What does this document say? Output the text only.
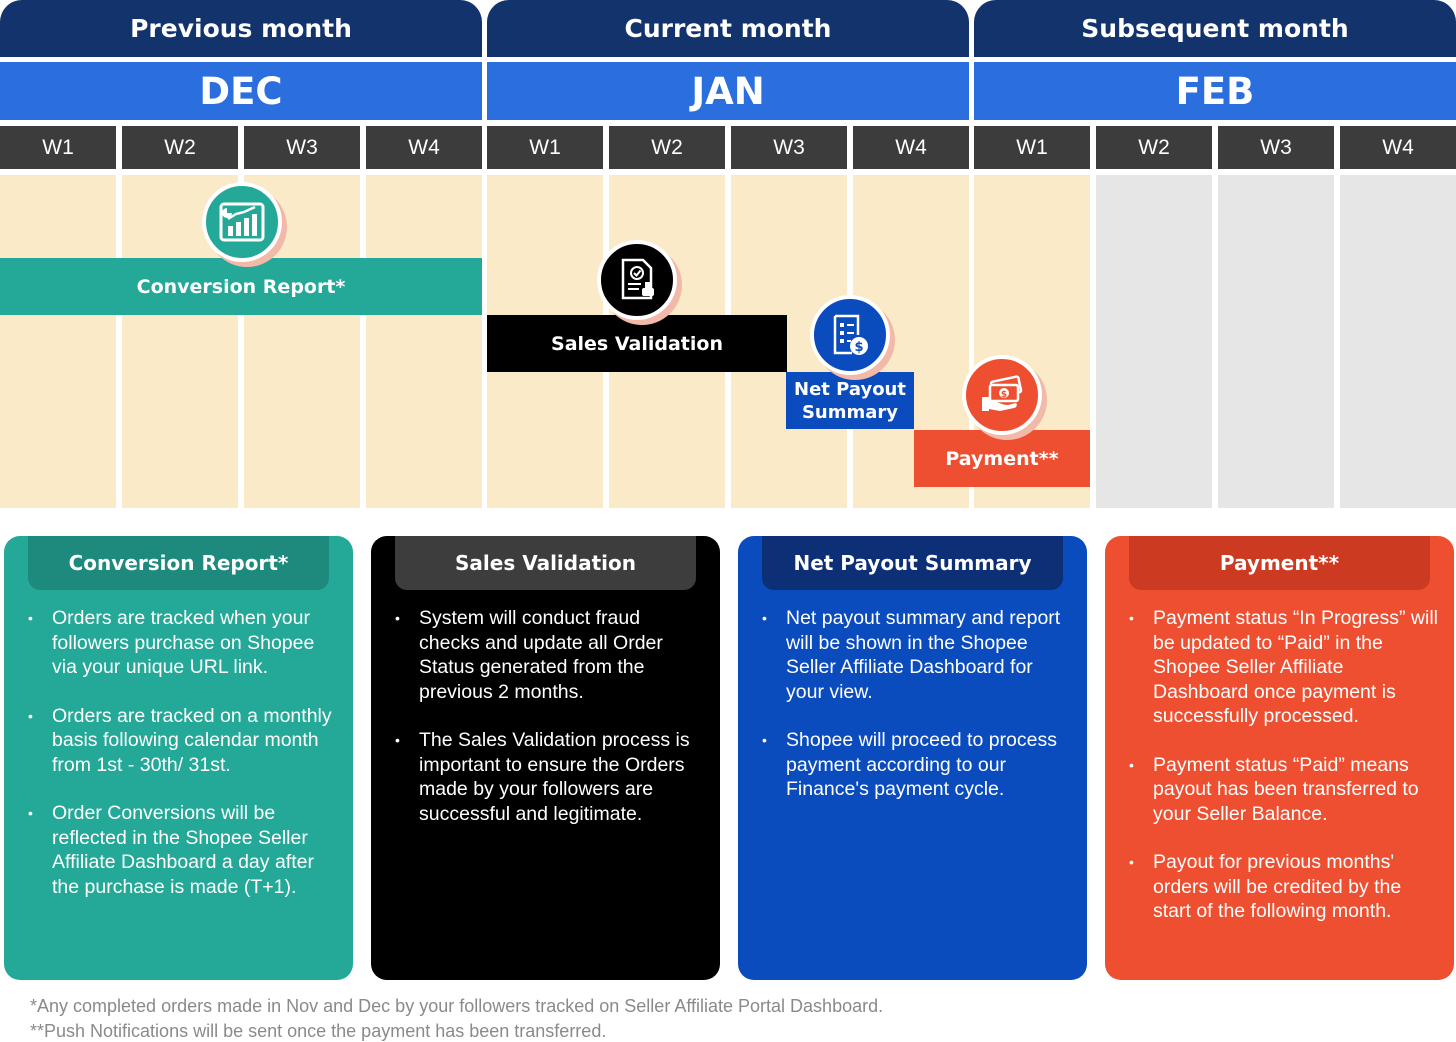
Previous month	Current month	Subsequent month
DEC	JAN	FEB
W1	W2	W3	W4	W1	W2	W3	W4	W1	W2	W3	W4
Conversion Report*
Sales Validation
Net Payout
Summary
$
Payment**
$
Conversion Report*
• Orders are tracked when your followers purchase on Shopee via your unique URL link.
• Orders are tracked on a monthly basis following calendar month from 1st - 30th/ 31st.
• Order Conversions will be reflected in the Shopee Seller Affiliate Dashboard a day after the purchase is made (T+1).
Sales Validation
• System will conduct fraud checks and update all Order Status generated from the previous 2 months.
• The Sales Validation process is important to ensure the Orders made by your followers are successful and legitimate.
Net Payout Summary
• Net payout summary and report will be shown in the Shopee Seller Affiliate Dashboard for your view.
• Shopee will proceed to process payment according to our Finance's payment cycle.
Payment**
• Payment status “In Progress” will be updated to “Paid” in the Shopee Seller Affiliate Dashboard once payment is successfully processed.
• Payment status “Paid” means payout has been transferred to your Seller Balance.
• Payout for previous months' orders will be credited by the start of the following month.
*Any completed orders made in Nov and Dec by your followers tracked on Seller Affiliate Portal Dashboard.
**Push Notifications will be sent once the payment has been transferred.
